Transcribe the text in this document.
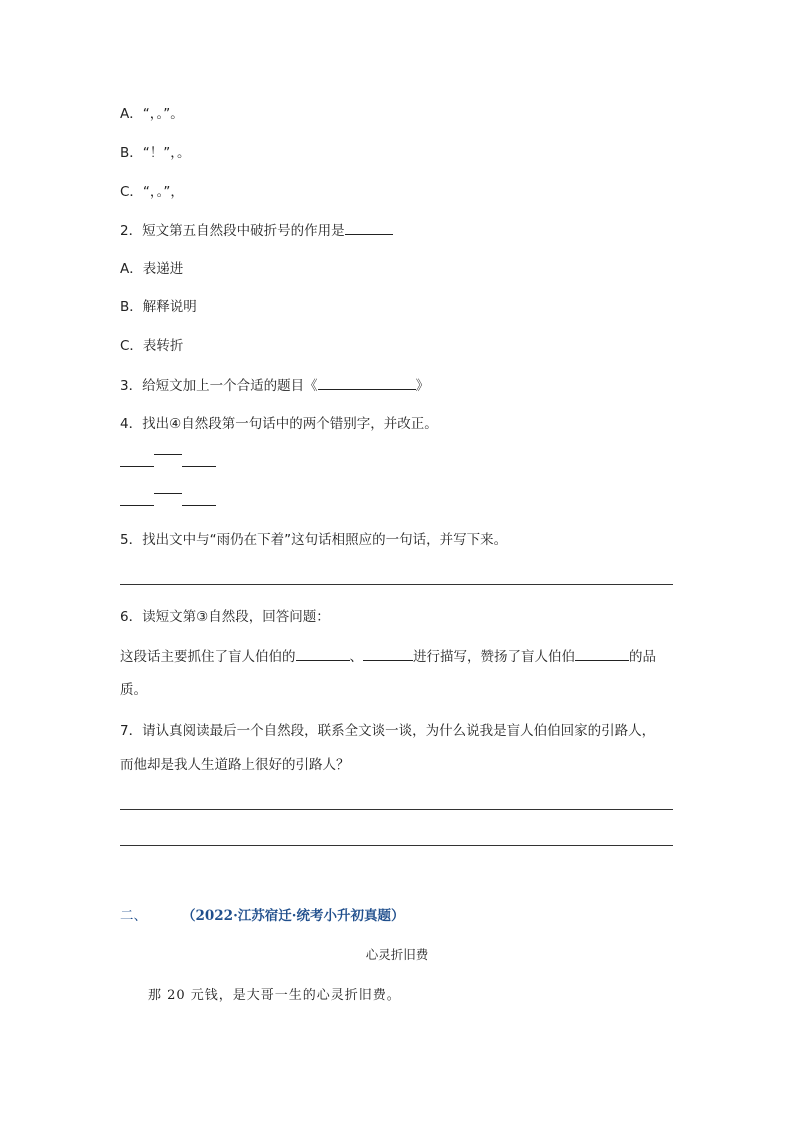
A．“，。”。
B．“！”，。
C．“，。”，
2．短文第五自然段中破折号的作用是
A．表递进
B．解释说明
C．表转折
3．给短文加上一个合适的题目《	》
4．找出④自然段第一句话中的两个错别字，并改正。
5．找出文中与“雨仍在下着”这句话相照应的一句话，并写下来。
6．读短文第③自然段，回答问题：
这段话主要抓住了盲人伯伯的	、	进行描写，赞扬了盲人伯伯	的品
质。
7．请认真阅读最后一个自然段，联系全文谈一谈，为什么说我是盲人伯伯回家的引路人，
而他却是我人生道路上很好的引路人？
二、	（2022·江苏宿迁·统考小升初真题）
心灵折旧费
那 20 元钱，是大哥一生的心灵折旧费。
